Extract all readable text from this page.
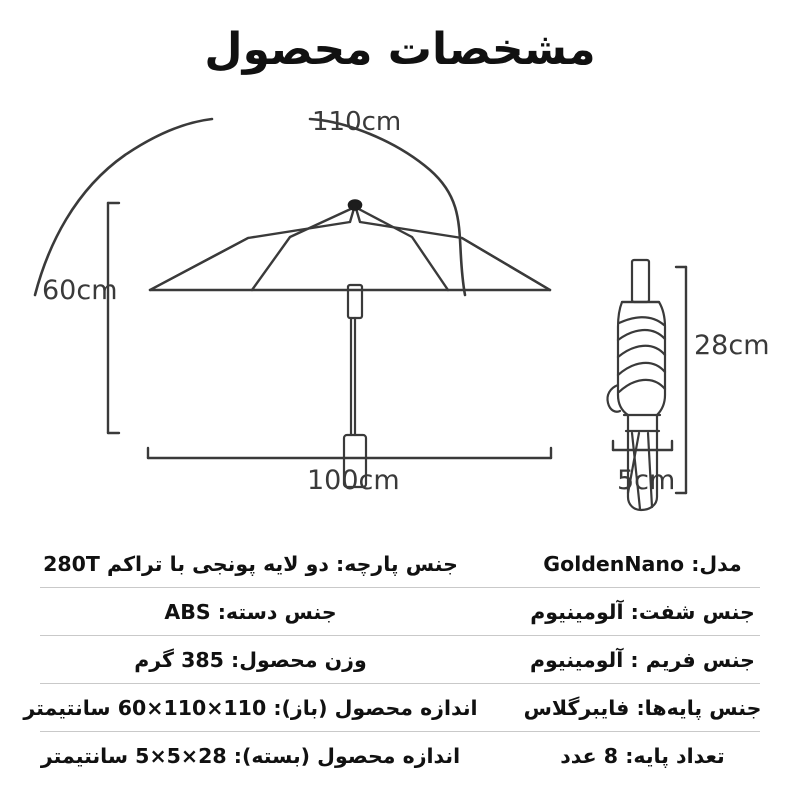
مشخصات محصول
110cm
60cm
100cm
28cm
5cm
مدل: GoldenNano
جنس پارچه: دو لایه پونجی با تراکم 280T
جنس شفت: آلومینیوم
جنس دسته: ABS
جنس فریم : آلومینیوم
وزن محصول: 385 گرم
جنس پایه‌ها: فایبرگلاس
اندازه محصول (باز): 110×110×60 سانتیمتر
تعداد پایه: 8 عدد
اندازه محصول (بسته): 28×5×5 سانتیمتر
